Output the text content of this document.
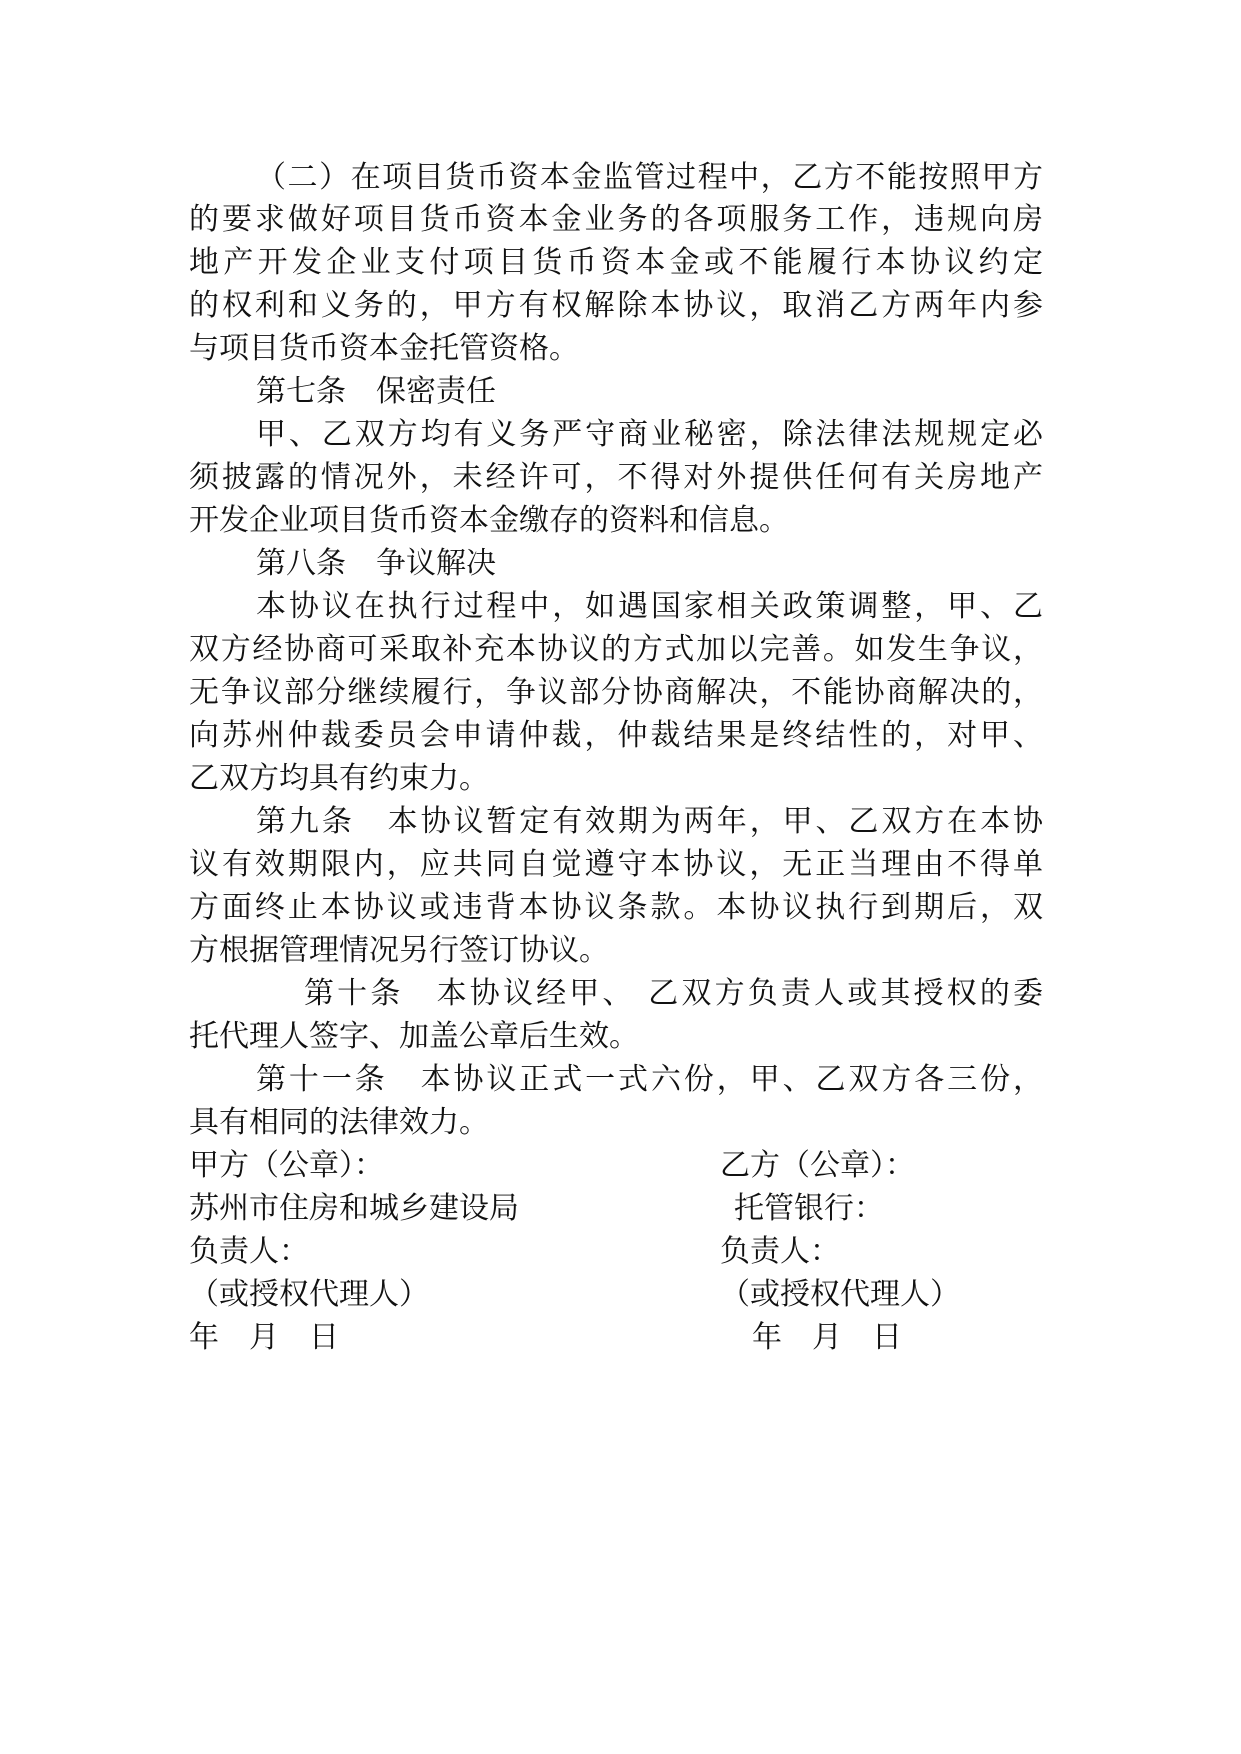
（二）在项目货币资本金监管过程中，乙方不能按照甲方
的要求做好项目货币资本金业务的各项服务工作，违规向房
地产开发企业支付项目货币资本金或不能履行本协议约定
的权利和义务的，甲方有权解除本协议，取消乙方两年内参
与项目货币资本金托管资格。
第七条　保密责任
甲、乙双方均有义务严守商业秘密，除法律法规规定必
须披露的情况外，未经许可，不得对外提供任何有关房地产
开发企业项目货币资本金缴存的资料和信息。
第八条　争议解决
本协议在执行过程中，如遇国家相关政策调整，甲、乙
双方经协商可采取补充本协议的方式加以完善。如发生争议，
无争议部分继续履行，争议部分协商解决，不能协商解决的，
向苏州仲裁委员会申请仲裁，仲裁结果是终结性的，对甲、
乙双方均具有约束力。
第九条　本协议暂定有效期为两年，甲、乙双方在本协
议有效期限内，应共同自觉遵守本协议，无正当理由不得单
方面终止本协议或违背本协议条款。本协议执行到期后，双
方根据管理情况另行签订协议。
第十条　本协议经甲、 乙双方负责人或其授权的委
托代理人签字、加盖公章后生效。
第十一条　本协议正式一式六份，甲、乙双方各三份，
具有相同的法律效力。
甲方（公章）：
苏州市住房和城乡建设局
负责人：
（或授权代理人）
年　月　日
乙方（公章）：
托管银行：
负责人：
（或授权代理人）
年　月　日
